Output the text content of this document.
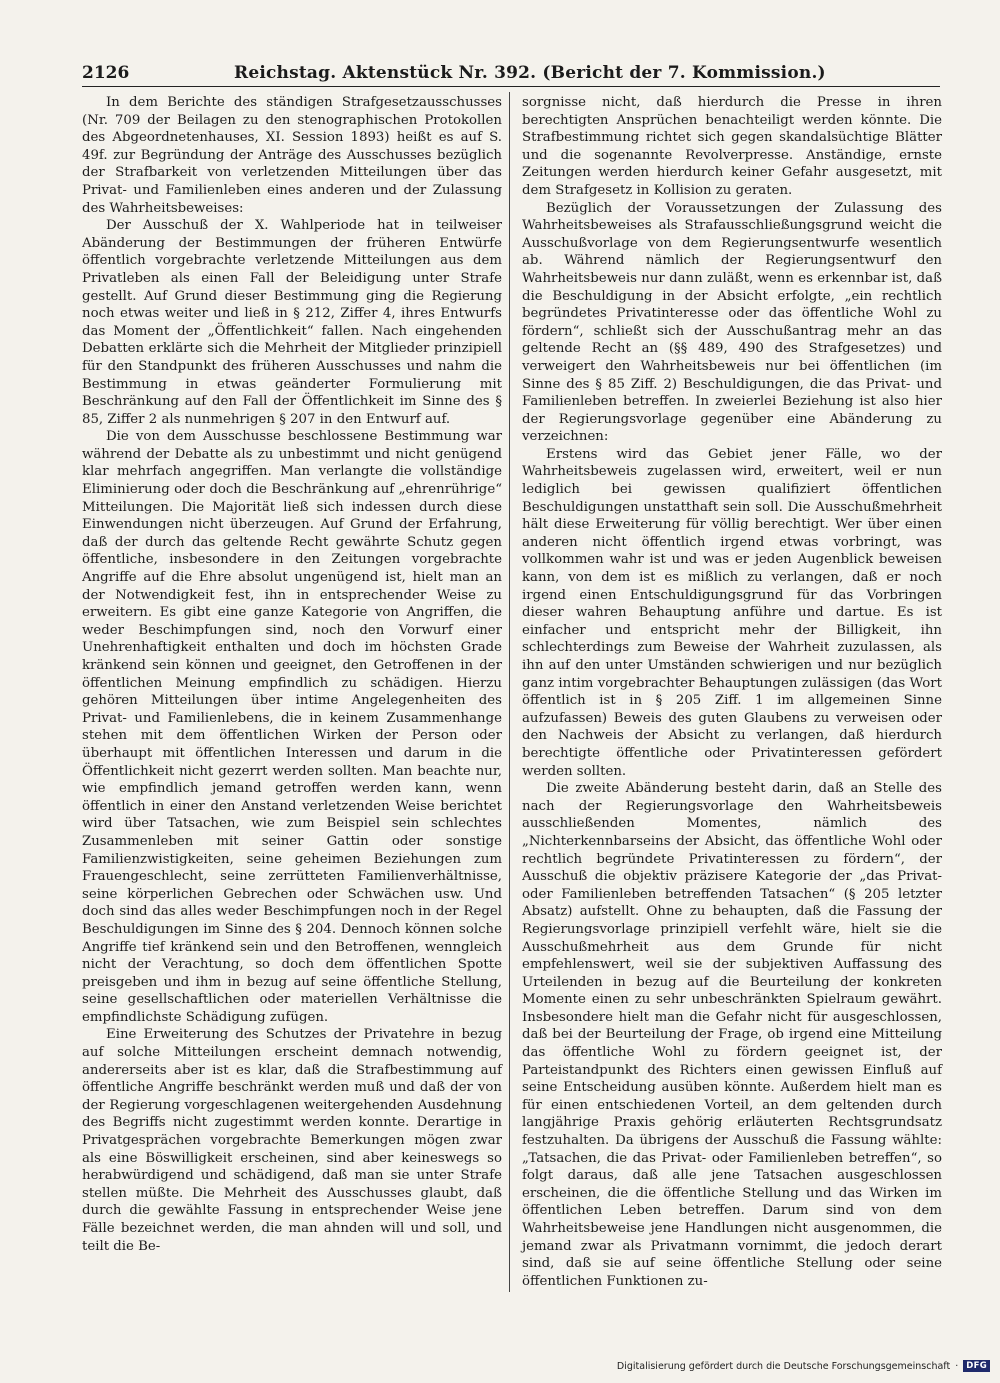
2126	Reichstag. Aktenstück Nr. 392. (Bericht der 7. Kommission.)

In dem Berichte des ständigen Strafgesetzausschusses (Nr. 709 der Beilagen zu den stenographischen Protokollen des Abgeordnetenhauses, XI. Session 1893) heißt es auf S. 49f. zur Begründung der Anträge des Ausschusses bezüglich der Strafbarkeit von verletzenden Mitteilungen über das Privat- und Familienleben eines anderen und der Zulassung des Wahrheitsbeweises:

Der Ausschuß der X. Wahlperiode hat in teilweiser Abänderung der Bestimmungen der früheren Entwürfe öffentlich vorgebrachte verletzende Mitteilungen aus dem Privatleben als einen Fall der Beleidigung unter Strafe gestellt. Auf Grund dieser Bestimmung ging die Regierung noch etwas weiter und ließ in § 212, Ziffer 4, ihres Entwurfs das Moment der „Öffentlichkeit“ fallen. Nach eingehenden Debatten erklärte sich die Mehrheit der Mitglieder prinzipiell für den Standpunkt des früheren Ausschusses und nahm die Bestimmung in etwas geänderter Formulierung mit Beschränkung auf den Fall der Öffentlichkeit im Sinne des § 85, Ziffer 2 als nunmehrigen § 207 in den Entwurf auf.

Die von dem Ausschusse beschlossene Bestimmung war während der Debatte als zu unbestimmt und nicht genügend klar mehrfach angegriffen. Man verlangte die vollständige Eliminierung oder doch die Beschränkung auf „ehrenrührige“ Mitteilungen. Die Majorität ließ sich indessen durch diese Einwendungen nicht überzeugen. Auf Grund der Erfahrung, daß der durch das geltende Recht gewährte Schutz gegen öffentliche, insbesondere in den Zeitungen vorgebrachte Angriffe auf die Ehre absolut ungenügend ist, hielt man an der Notwendigkeit fest, ihn in entsprechender Weise zu erweitern. Es gibt eine ganze Kategorie von Angriffen, die weder Beschimpfungen sind, noch den Vorwurf einer Unehrenhaftigkeit enthalten und doch im höchsten Grade kränkend sein können und geeignet, den Getroffenen in der öffentlichen Meinung empfindlich zu schädigen. Hierzu gehören Mitteilungen über intime Angelegenheiten des Privat- und Familienlebens, die in keinem Zusammenhange stehen mit dem öffentlichen Wirken der Person oder überhaupt mit öffentlichen Interessen und darum in die Öffentlichkeit nicht gezerrt werden sollten. Man beachte nur, wie empfindlich jemand getroffen werden kann, wenn öffentlich in einer den Anstand verletzenden Weise berichtet wird über Tatsachen, wie zum Beispiel sein schlechtes Zusammenleben mit seiner Gattin oder sonstige Familienzwistigkeiten, seine geheimen Beziehungen zum Frauengeschlecht, seine zerrütteten Familienverhältnisse, seine körperlichen Gebrechen oder Schwächen usw. Und doch sind das alles weder Beschimpfungen noch in der Regel Beschuldigungen im Sinne des § 204. Dennoch können solche Angriffe tief kränkend sein und den Betroffenen, wenngleich nicht der Verachtung, so doch dem öffentlichen Spotte preisgeben und ihm in bezug auf seine öffentliche Stellung, seine gesellschaftlichen oder materiellen Verhältnisse die empfindlichste Schädigung zufügen.

Eine Erweiterung des Schutzes der Privatehre in bezug auf solche Mitteilungen erscheint demnach notwendig, andererseits aber ist es klar, daß die Strafbestimmung auf öffentliche Angriffe beschränkt werden muß und daß der von der Regierung vorgeschlagenen weitergehenden Ausdehnung des Begriffs nicht zugestimmt werden konnte. Derartige in Privatgesprächen vorgebrachte Bemerkungen mögen zwar als eine Böswilligkeit erscheinen, sind aber keineswegs so herabwürdigend und schädigend, daß man sie unter Strafe stellen müßte. Die Mehrheit des Ausschusses glaubt, daß durch die gewählte Fassung in entsprechender Weise jene Fälle bezeichnet werden, die man ahnden will und soll, und teilt die Be-

sorgnisse nicht, daß hierdurch die Presse in ihren berechtigten Ansprüchen benachteiligt werden könnte. Die Strafbestimmung richtet sich gegen skandalsüchtige Blätter und die sogenannte Revolverpresse. Anständige, ernste Zeitungen werden hierdurch keiner Gefahr ausgesetzt, mit dem Strafgesetz in Kollision zu geraten.

Bezüglich der Voraussetzungen der Zulassung des Wahrheitsbeweises als Strafausschließungsgrund weicht die Ausschußvorlage von dem Regierungsentwurfe wesentlich ab. Während nämlich der Regierungsentwurf den Wahrheitsbeweis nur dann zuläßt, wenn es erkennbar ist, daß die Beschuldigung in der Absicht erfolgte, „ein rechtlich begründetes Privatinteresse oder das öffentliche Wohl zu fördern“, schließt sich der Ausschußantrag mehr an das geltende Recht an (§§ 489, 490 des Strafgesetzes) und verweigert den Wahrheitsbeweis nur bei öffentlichen (im Sinne des § 85 Ziff. 2) Beschuldigungen, die das Privat- und Familienleben betreffen. In zweierlei Beziehung ist also hier der Regierungsvorlage gegenüber eine Abänderung zu verzeichnen:

Erstens wird das Gebiet jener Fälle, wo der Wahrheitsbeweis zugelassen wird, erweitert, weil er nun lediglich bei gewissen qualifiziert öffentlichen Beschuldigungen unstatthaft sein soll. Die Ausschußmehrheit hält diese Erweiterung für völlig berechtigt. Wer über einen anderen nicht öffentlich irgend etwas vorbringt, was vollkommen wahr ist und was er jeden Augenblick beweisen kann, von dem ist es mißlich zu verlangen, daß er noch irgend einen Entschuldigungsgrund für das Vorbringen dieser wahren Behauptung anführe und dartue. Es ist einfacher und entspricht mehr der Billigkeit, ihn schlechterdings zum Beweise der Wahrheit zuzulassen, als ihn auf den unter Umständen schwierigen und nur bezüglich ganz intim vorgebrachter Behauptungen zulässigen (das Wort öffentlich ist in § 205 Ziff. 1 im allgemeinen Sinne aufzufassen) Beweis des guten Glaubens zu verweisen oder den Nachweis der Absicht zu verlangen, daß hierdurch berechtigte öffentliche oder Privatinteressen gefördert werden sollten.

Die zweite Abänderung besteht darin, daß an Stelle des nach der Regierungsvorlage den Wahrheitsbeweis ausschließenden Momentes, nämlich des „Nichterkennbarseins der Absicht, das öffentliche Wohl oder rechtlich begründete Privatinteressen zu fördern“, der Ausschuß die objektiv präzisere Kategorie der „das Privat- oder Familienleben betreffenden Tatsachen“ (§ 205 letzter Absatz) aufstellt. Ohne zu behaupten, daß die Fassung der Regierungsvorlage prinzipiell verfehlt wäre, hielt sie die Ausschußmehrheit aus dem Grunde für nicht empfehlenswert, weil sie der subjektiven Auffassung des Urteilenden in bezug auf die Beurteilung der konkreten Momente einen zu sehr unbeschränkten Spielraum gewährt. Insbesondere hielt man die Gefahr nicht für ausgeschlossen, daß bei der Beurteilung der Frage, ob irgend eine Mitteilung das öffentliche Wohl zu fördern geeignet ist, der Parteistandpunkt des Richters einen gewissen Einfluß auf seine Entscheidung ausüben könnte. Außerdem hielt man es für einen entschiedenen Vorteil, an dem geltenden durch langjährige Praxis gehörig erläuterten Rechtsgrundsatz festzuhalten. Da übrigens der Ausschuß die Fassung wählte: „Tatsachen, die das Privat- oder Familienleben betreffen“, so folgt daraus, daß alle jene Tatsachen ausgeschlossen erscheinen, die die öffentliche Stellung und das Wirken im öffentlichen Leben betreffen. Darum sind von dem Wahrheitsbeweise jene Handlungen nicht ausgenommen, die jemand zwar als Privatmann vornimmt, die jedoch derart sind, daß sie auf seine öffentliche Stellung oder seine öffentlichen Funktionen zu-

Digitalisierung gefördert durch die Deutsche Forschungsgemeinschaft · DFG
